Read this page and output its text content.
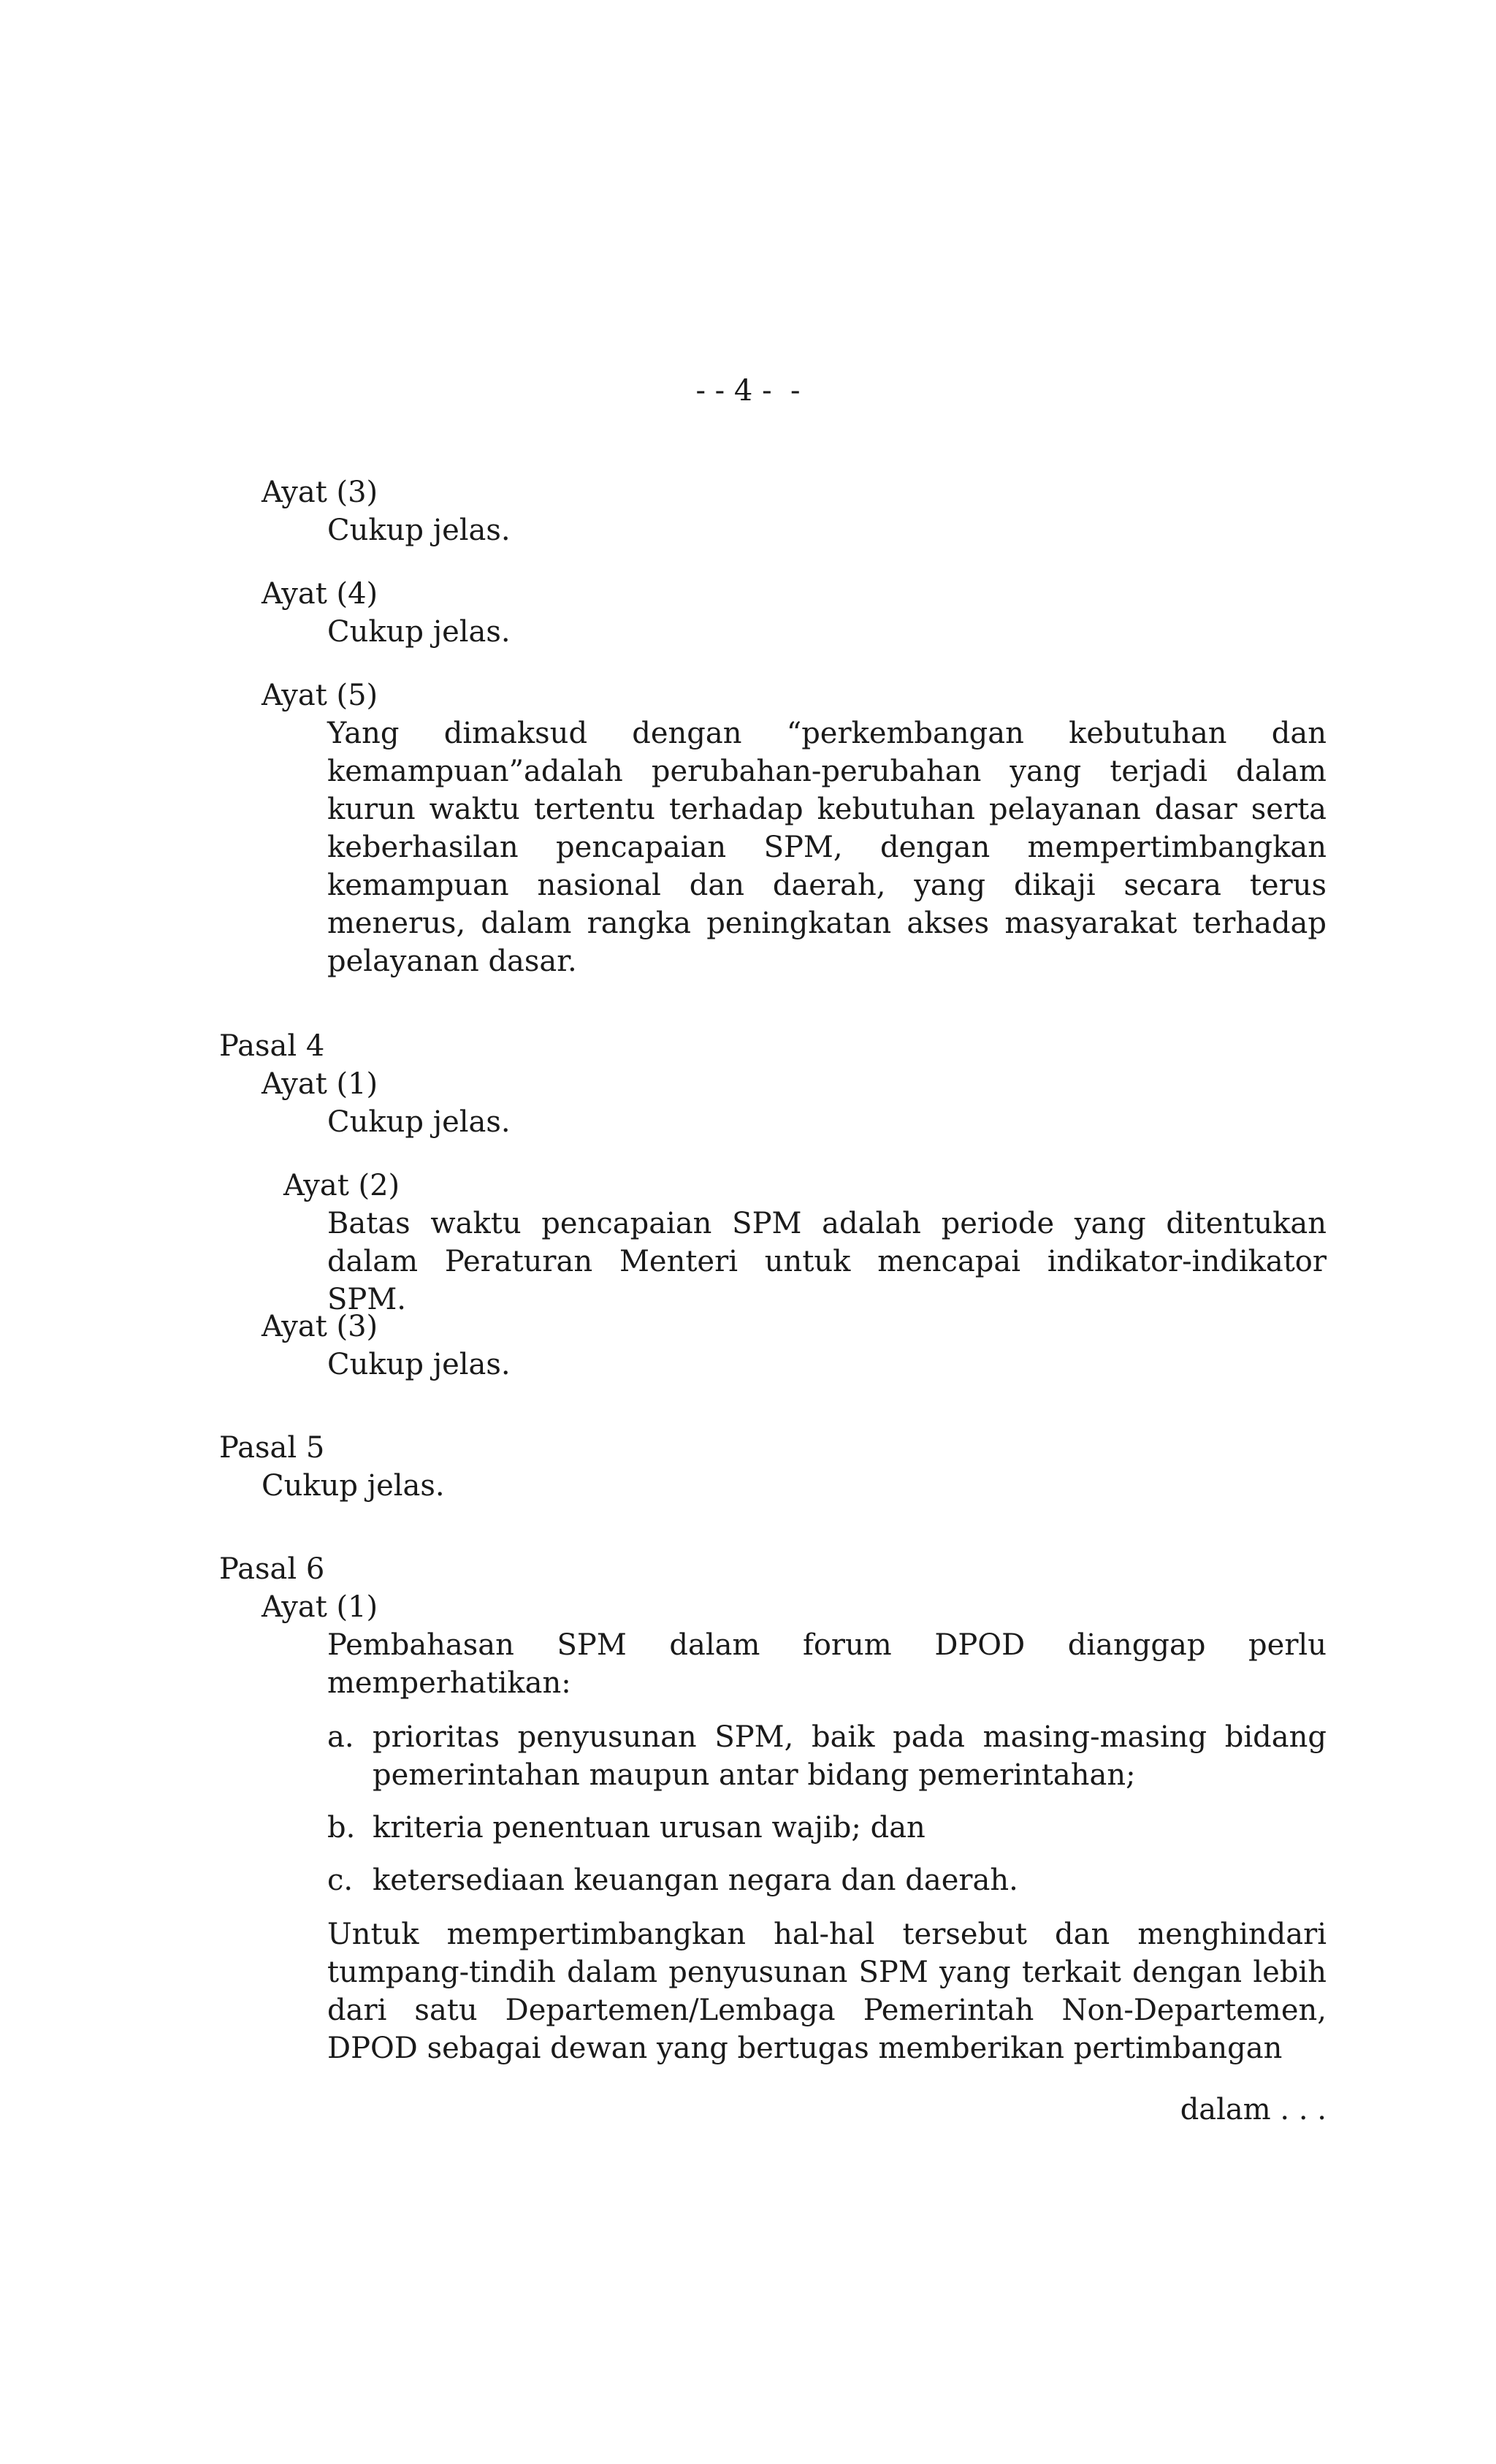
- - 4 -  -

Ayat (3)

Cukup jelas.

Ayat (4)

Cukup jelas.

Ayat (5)

Yang dimaksud dengan “perkembangan kebutuhan dan kemampuan”adalah perubahan-perubahan yang terjadi dalam kurun waktu tertentu terhadap kebutuhan pelayanan dasar serta keberhasilan pencapaian SPM, dengan mempertimbangkan kemampuan nasional dan daerah, yang dikaji secara terus menerus, dalam rangka peningkatan akses masyarakat terhadap pelayanan dasar.

Pasal 4

Ayat (1)

Cukup jelas.

Ayat (2)

Batas waktu pencapaian SPM adalah periode yang ditentukan dalam Peraturan Menteri untuk mencapai indikator-indikator SPM.

Ayat (3)

Cukup jelas.

Pasal 5

Cukup jelas.

Pasal 6

Ayat (1)

Pembahasan SPM dalam forum DPOD dianggap perlu memperhatikan:

a. prioritas penyusunan SPM, baik pada masing-masing bidang pemerintahan maupun antar bidang pemerintahan;
b. kriteria penentuan urusan wajib; dan
c. ketersediaan keuangan negara dan daerah.

Untuk mempertimbangkan hal-hal tersebut dan menghindari tumpang-tindih dalam penyusunan SPM yang terkait dengan lebih dari satu Departemen/Lembaga Pemerintah Non-Departemen, DPOD sebagai dewan yang bertugas memberikan pertimbangan

dalam . . .
